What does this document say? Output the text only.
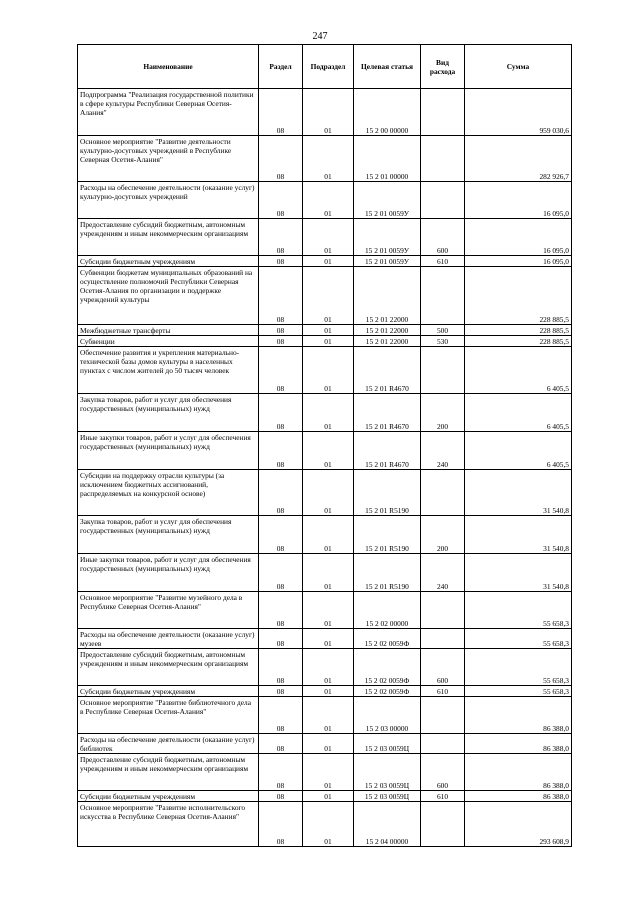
247
Наименование	Раздел	Подраздел	Целевая статья	Вид расхода	Сумма
Подпрограмма "Реализация государственной политики в сфере культуры Республики Северная Осетия-Алания"	08	01	15 2 00 00000		959 030,6
Основное мероприятие "Развитие деятельности культурно-досуговых учреждений в Республике Северная Осетия-Алания"	08	01	15 2 01 00000		282 926,7
Расходы на обеспечение деятельности (оказание услуг) культурно-досуговых учреждений	08	01	15 2 01 0059У		16 095,0
Предоставление субсидий бюджетным, автономным учреждениям и иным некоммерческим организациям	08	01	15 2 01 0059У	600	16 095,0
Субсидии бюджетным учреждениям	08	01	15 2 01 0059У	610	16 095,0
Субвенции бюджетам муниципальных образований на осуществление полномочий Республики Северная Осетия-Алания по организации и поддержке учреждений культуры	08	01	15 2 01 22000		228 885,5
Межбюджетные трансферты	08	01	15 2 01 22000	500	228 885,5
Субвенции	08	01	15 2 01 22000	530	228 885,5
Обеспечение развития и укрепления материально-технической базы домов культуры в населенных пунктах с числом жителей до 50 тысяч человек	08	01	15 2 01 R4670		6 405,5
Закупка товаров, работ и услуг для обеспечения государственных (муниципальных) нужд	08	01	15 2 01 R4670	200	6 405,5
Иные закупки товаров, работ и услуг для обеспечения государственных (муниципальных) нужд	08	01	15 2 01 R4670	240	6 405,5
Субсидии на поддержку отрасли культуры (за исключением бюджетных ассигнований, распределяемых на конкурсной основе)	08	01	15 2 01 R5190		31 540,8
Закупка товаров, работ и услуг для обеспечения государственных (муниципальных) нужд	08	01	15 2 01 R5190	200	31 540,8
Иные закупки товаров, работ и услуг для обеспечения государственных (муниципальных) нужд	08	01	15 2 01 R5190	240	31 540,8
Основное мероприятие "Развитие музейного дела в Республике Северная Осетия-Алания"	08	01	15 2 02 00000		55 658,3
Расходы на обеспечение деятельности (оказание услуг) музеев	08	01	15 2 02 0059Ф		55 658,3
Предоставление субсидий бюджетным, автономным учреждениям и иным некоммерческим организациям	08	01	15 2 02 0059Ф	600	55 658,3
Субсидии бюджетным учреждениям	08	01	15 2 02 0059Ф	610	55 658,3
Основное мероприятие "Развитие библиотечного дела в Республике Северная Осетия-Алания"	08	01	15 2 03 00000		86 388,0
Расходы на обеспечение деятельности (оказание услуг) библиотек	08	01	15 2 03 0059Ц		86 388,0
Предоставление субсидий бюджетным, автономным учреждениям и иным некоммерческим организациям	08	01	15 2 03 0059Ц	600	86 388,0
Субсидии бюджетным учреждениям	08	01	15 2 03 0059Ц	610	86 388,0
Основное мероприятие "Развитие исполнительского искусства в Республике Северная Осетия-Алания"	08	01	15 2 04 00000		293 608,9
